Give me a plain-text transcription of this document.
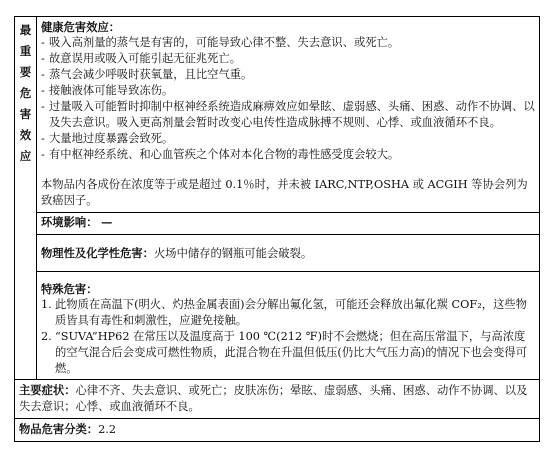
最
重
要
危
害
效
应
健康危害效应：
- 吸入高剂量的蒸气是有害的，可能导致心律不整、失去意识、或死亡。
- 故意误用或吸入可能引起无征兆死亡。
- 蒸气会减少呼吸时获氧量，且比空气重。
- 接触液体可能导致冻伤。
- 过量吸入可能暂时抑制中枢神经系统造成麻痹效应如晕眩、虚弱感、头痛、困惑、动作不协调、以及失去意识。吸入更高剂量会暂时改变心电传性造成脉搏不规则、心悸、或血液循环不良。
- 大量地过度暴露会致死。
- 有中枢神经系统、和心血管疾之个体对本化合物的毒性感受度会较大。
本物品内各成份在浓度等于或是超过 0.1％时，并未被 IARC,NTP,OSHA 或 ACGIH 等协会列为致癌因子。
环境影响： —
物理性及化学性危害：火场中储存的钢瓶可能会破裂。
特殊危害：
1. 此物质在高温下(明火、灼热金属表面)会分解出氟化氢，可能还会释放出氟化羰 COF₂，这些物质皆具有毒性和刺激性，应避免接触。
2. “SUVA”HP62 在常压以及温度高于 100 ℃(212 ℉)时不会燃烧；但在高压常温下，与高浓度的空气混合后会变成可燃性物质，此混合物在升温但低压(仍比大气压力高)的情况下也会变得可燃。
主要症状：心律不齐、失去意识、或死亡；皮肤冻伤；晕眩、虚弱感、头痛、困惑、动作不协调、以及失去意识；心悸、或血液循环不良。
物品危害分类：2.2
